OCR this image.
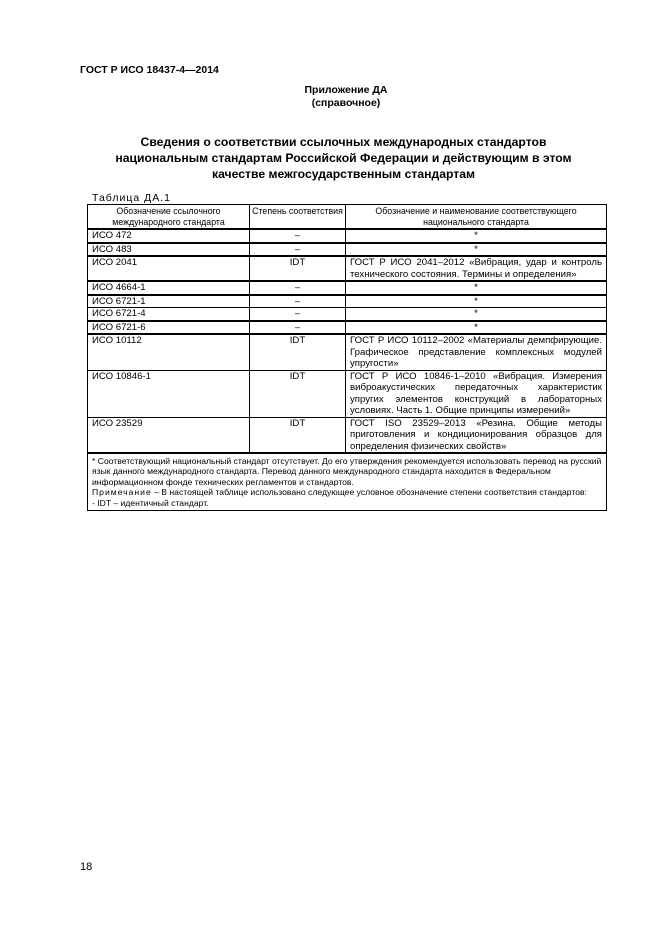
ГОСТ Р ИСО 18437-4—2014
Приложение ДА
(справочное)
Сведения о соответствии ссылочных международных стандартов
национальным стандартам Российской Федерации и действующим в этом
качестве межгосударственным стандартам
Таблица ДА.1
Обозначение ссылочного международного стандарта	Степень соответствия	Обозначение и наименование соответствующего национального стандарта
ИСО 472	–	*
ИСО 483	–	*
ИСО 2041	IDT	ГОСТ Р ИСО 2041–2012 «Вибрация, удар и контроль технического состояния. Термины и определения»
ИСО 4664-1	–	*
ИСО 6721-1	–	*
ИСО 6721-4	–	*
ИСО 6721-6	–	*
ИСО 10112	IDT	ГОСТ Р ИСО 10112–2002 «Материалы демпфирующие. Графическое представление комплексных модулей упругости»
ИСО 10846-1	IDT	ГОСТ Р ИСО 10846-1–2010 «Вибрация. Измерения виброакустических передаточных характеристик упругих элементов конструкций в лабораторных условиях. Часть 1. Общие принципы измерений»
ИСО 23529	IDT	ГОСТ ISO 23529–2013 «Резина. Общие методы приготовления и кондиционирования образцов для определения физических свойств»

* Соответствующий национальный стандарт отсутствует. До его утверждения рекомендуется использовать перевод на русский язык данного международного стандарта. Перевод данного международного стандарта находится в Федеральном информационном фонде технических регламентов и стандартов.
Примечание – В настоящей таблице использовано следующее условное обозначение степени соответствия стандартов:
- IDT – идентичный стандарт.		
18
